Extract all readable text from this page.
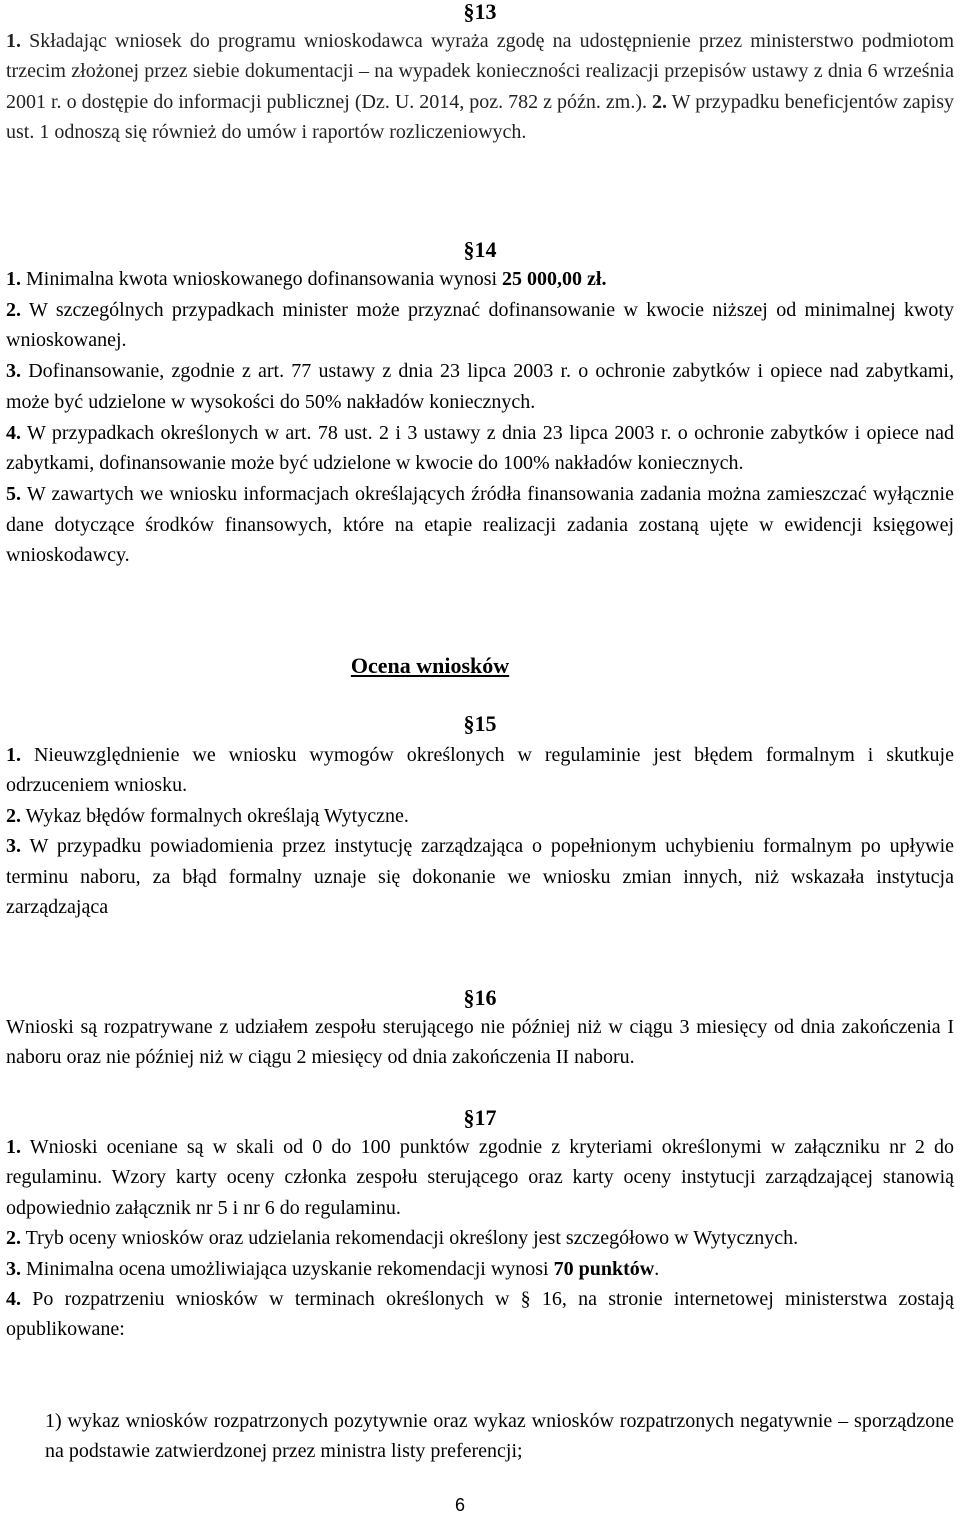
§13
1. Składając wniosek do programu wnioskodawca wyraża zgodę na udostępnienie przez ministerstwo podmiotom trzecim złożonej przez siebie dokumentacji – na wypadek konieczności realizacji przepisów ustawy z dnia 6 września 2001 r. o dostępie do informacji publicznej (Dz. U. 2014, poz. 782 z późn. zm.). 2. W przypadku beneficjentów zapisy ust. 1 odnoszą się również do umów i raportów rozliczeniowych.
§14
1. Minimalna kwota wnioskowanego dofinansowania wynosi 25 000,00 zł.
2. W szczególnych przypadkach minister może przyznać dofinansowanie w kwocie niższej od minimalnej kwoty wnioskowanej.
3. Dofinansowanie, zgodnie z art. 77 ustawy z dnia 23 lipca 2003 r. o ochronie zabytków i opiece nad zabytkami, może być udzielone w wysokości do 50% nakładów koniecznych.
4. W przypadkach określonych w art. 78 ust. 2 i 3 ustawy z dnia 23 lipca 2003 r. o ochronie zabytków i opiece nad zabytkami, dofinansowanie może być udzielone w kwocie do 100% nakładów koniecznych.
5. W zawartych we wniosku informacjach określających źródła finansowania zadania można zamieszczać wyłącznie dane dotyczące środków finansowych, które na etapie realizacji zadania zostaną ujęte w ewidencji księgowej wnioskodawcy.
Ocena wniosków
§15
1. Nieuwzględnienie we wniosku wymogów określonych w regulaminie jest błędem formalnym i skutkuje odrzuceniem wniosku.
2. Wykaz błędów formalnych określają Wytyczne.
3. W przypadku powiadomienia przez instytucję zarządzająca o popełnionym uchybieniu formalnym po upływie terminu naboru, za błąd formalny uznaje się dokonanie we wniosku zmian innych, niż wskazała instytucja zarządzająca
§16
Wnioski są rozpatrywane z udziałem zespołu sterującego nie później niż w ciągu 3 miesięcy od dnia zakończenia I naboru oraz nie później niż w ciągu 2 miesięcy od dnia zakończenia II naboru.
§17
1. Wnioski oceniane są w skali od 0 do 100 punktów zgodnie z kryteriami określonymi w załączniku nr 2 do regulaminu. Wzory karty oceny członka zespołu sterującego oraz karty oceny instytucji zarządzającej stanowią odpowiednio załącznik nr 5 i nr 6 do regulaminu.
2. Tryb oceny wniosków oraz udzielania rekomendacji określony jest szczegółowo w Wytycznych.
3. Minimalna ocena umożliwiająca uzyskanie rekomendacji wynosi 70 punktów.
4. Po rozpatrzeniu wniosków w terminach określonych w § 16, na stronie internetowej ministerstwa zostają opublikowane:
1) wykaz wniosków rozpatrzonych pozytywnie oraz wykaz wniosków rozpatrzonych negatywnie – sporządzone na podstawie zatwierdzonej przez ministra listy preferencji;
6
